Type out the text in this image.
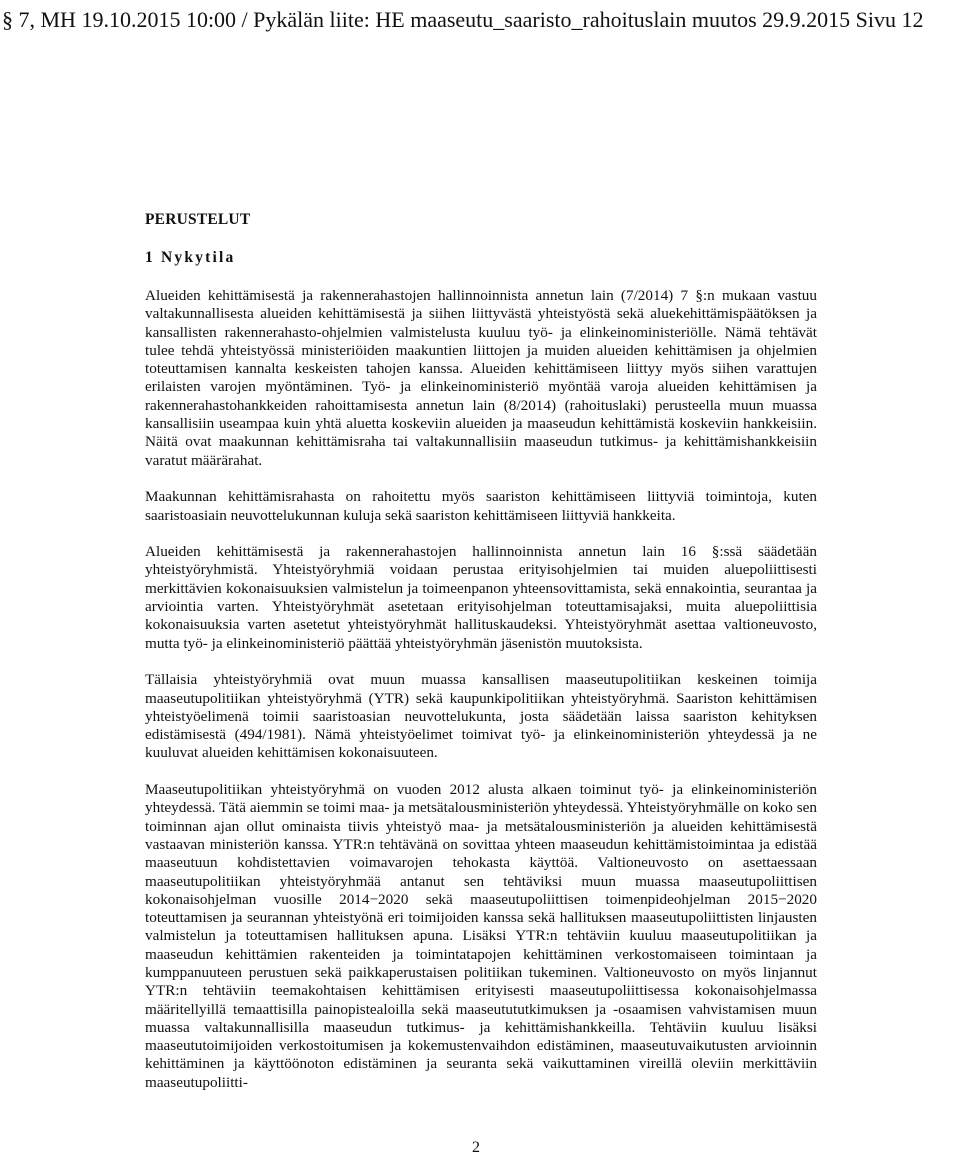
§ 7, MH 19.10.2015 10:00 / Pykälän liite: HE maaseutu_saaristo_rahoituslain muutos 29.9.2015 Sivu 12
PERUSTELUT
1 Nykytila

Alueiden kehittämisestä ja rakennerahastojen hallinnoinnista annetun lain (7/2014) 7 §:n mukaan vastuu valtakunnallisesta alueiden kehittämisestä ja siihen liittyvästä yhteistyöstä sekä aluekehittämispäätöksen ja kansallisten rakennerahasto-ohjelmien valmistelusta kuuluu työ- ja elinkeinoministeriölle. Nämä tehtävät tulee tehdä yhteistyössä ministeriöiden maakuntien liittojen ja muiden alueiden kehittämisen ja ohjelmien toteuttamisen kannalta keskeisten tahojen kanssa. Alueiden kehittämiseen liittyy myös siihen varattujen erilaisten varojen myöntäminen. Työ- ja elinkeinoministeriö myöntää varoja alueiden kehittämisen ja rakennerahastohankkeiden rahoittamisesta annetun lain (8/2014) (rahoituslaki) perusteella muun muassa kansallisiin useampaa kuin yhtä aluetta koskeviin alueiden ja maaseudun kehittämistä koskeviin hankkeisiin. Näitä ovat maakunnan kehittämisraha tai valtakunnallisiin maaseudun tutkimus- ja kehittämishankkeisiin varatut määrärahat.

Maakunnan kehittämisrahasta on rahoitettu myös saariston kehittämiseen liittyviä toimintoja, kuten saaristoasiain neuvottelukunnan kuluja sekä saariston kehittämiseen liittyviä hankkeita.

Alueiden kehittämisestä ja rakennerahastojen hallinnoinnista annetun lain 16 §:ssä säädetään yhteistyöryhmistä. Yhteistyöryhmiä voidaan perustaa erityisohjelmien tai muiden aluepoliittisesti merkittävien kokonaisuuksien valmistelun ja toimeenpanon yhteensovittamista, sekä ennakointia, seurantaa ja arviointia varten. Yhteistyöryhmät asetetaan erityisohjelman toteuttamisajaksi, muita aluepoliittisia kokonaisuuksia varten asetetut yhteistyöryhmät hallituskaudeksi. Yhteistyöryhmät asettaa valtioneuvosto, mutta työ- ja elinkeinoministeriö päättää yhteistyöryhmän jäsenistön muutoksista.

Tällaisia yhteistyöryhmiä ovat muun muassa kansallisen maaseutupolitiikan keskeinen toimija maaseutupolitiikan yhteistyöryhmä (YTR) sekä kaupunkipolitiikan yhteistyöryhmä. Saariston kehittämisen yhteistyöelimenä toimii saaristoasian neuvottelukunta, josta säädetään laissa saariston kehityksen edistämisestä (494/1981). Nämä yhteistyöelimet toimivat työ- ja elinkeinoministeriön yhteydessä ja ne kuuluvat alueiden kehittämisen kokonaisuuteen.

Maaseutupolitiikan yhteistyöryhmä on vuoden 2012 alusta alkaen toiminut työ- ja elinkeinoministeriön yhteydessä. Tätä aiemmin se toimi maa- ja metsätalousministeriön yhteydessä. Yhteistyöryhmälle on koko sen toiminnan ajan ollut ominaista tiivis yhteistyö maa- ja metsätalousministeriön ja alueiden kehittämisestä vastaavan ministeriön kanssa. YTR:n tehtävänä on sovittaa yhteen maaseudun kehittämistoimintaa ja edistää maaseutuun kohdistettavien voimavarojen tehokasta käyttöä. Valtioneuvosto on asettaessaan maaseutupolitiikan yhteistyöryhmää antanut sen tehtäviksi muun muassa maaseutupoliittisen kokonaisohjelman vuosille 2014−2020 sekä maaseutupoliittisen toimenpideohjelman 2015−2020 toteuttamisen ja seurannan yhteistyönä eri toimijoiden kanssa sekä hallituksen maaseutupoliittisten linjausten valmistelun ja toteuttamisen hallituksen apuna. Lisäksi YTR:n tehtäviin kuuluu maaseutupolitiikan ja maaseudun kehittämien rakenteiden ja toimintatapojen kehittäminen verkostomaiseen toimintaan ja kumppanuuteen perustuen sekä paikkaperustaisen politiikan tukeminen. Valtioneuvosto on myös linjannut YTR:n tehtäviin teemakohtaisen kehittämisen erityisesti maaseutupoliittisessa kokonaisohjelmassa määritellyillä temaattisilla painopistealoilla sekä maaseutututkimuksen ja -osaamisen vahvistamisen muun muassa valtakunnallisilla maaseudun tutkimus- ja kehittämishankkeilla. Tehtäviin kuuluu lisäksi maaseututoimijoiden verkostoitumisen ja kokemustenvaihdon edistäminen, maaseutuvaikutusten arvioinnin kehittäminen ja käyttöönoton edistäminen ja seuranta sekä vaikuttaminen vireillä oleviin merkittäviin maaseutupoliitti-

2
